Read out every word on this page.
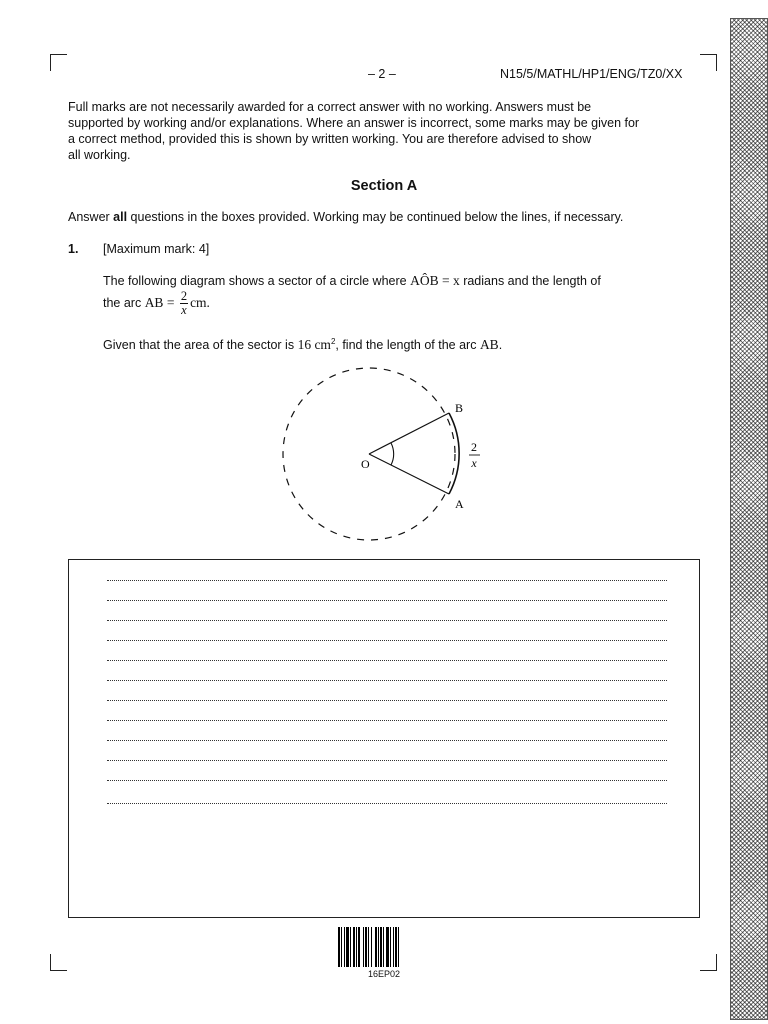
– 2 –	N15/5/MATHL/HP1/ENG/TZ0/XX
Full marks are not necessarily awarded for a correct answer with no working. Answers must be
supported by working and/or explanations. Where an answer is incorrect, some marks may be given for
a correct method, provided this is shown by written working. You are therefore advised to show
all working.
Section A
Answer all questions in the boxes provided. Working may be continued below the lines, if necessary.
1. [Maximum mark: 4]
The following diagram shows a sector of a circle where AÔB = x radians and the length of
the arc AB = $\frac{2}{x}$ cm.
Given that the area of the sector is 16 $cm^2$, find the length of the arc AB.
O
B
A
2
x
16EP02
